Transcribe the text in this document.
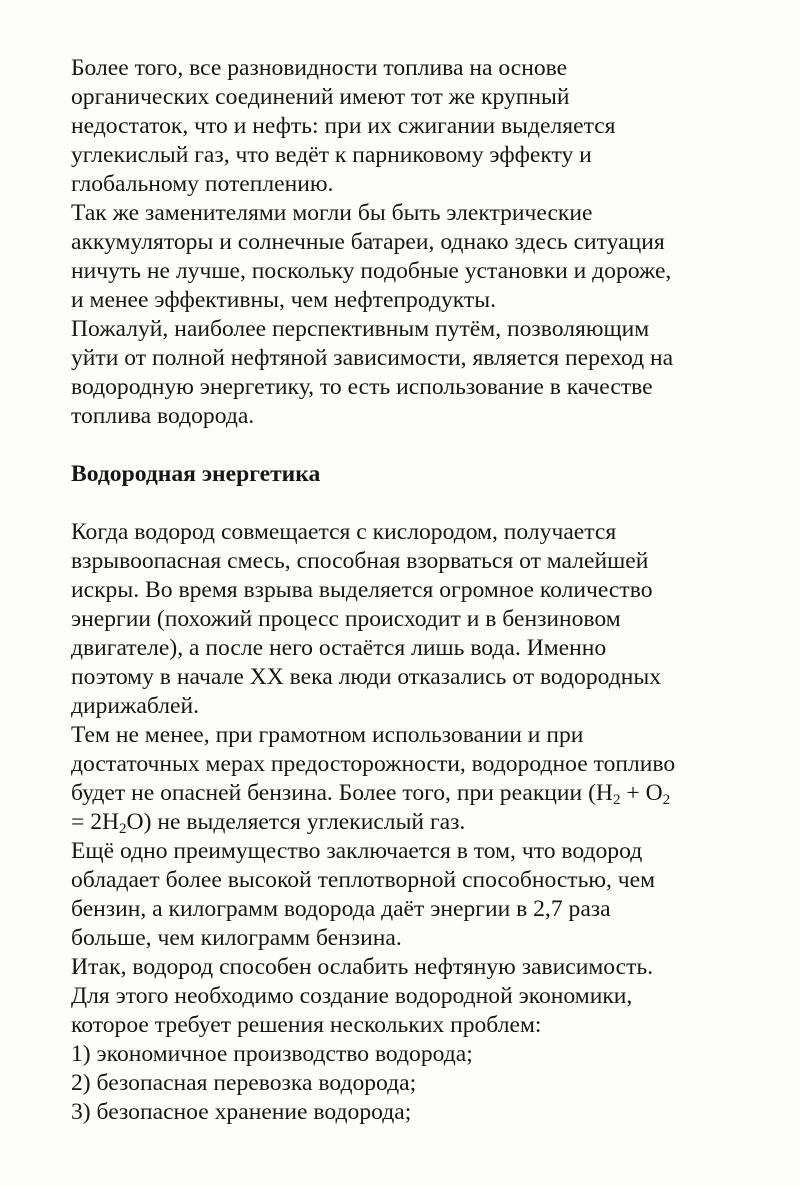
Более того, все разновидности топлива на основе
органических соединений имеют тот же крупный
недостаток, что и нефть: при их сжигании выделяется
углекислый газ, что ведёт к парниковому эффекту и
глобальному потеплению.
Так же заменителями могли бы быть электрические
аккумуляторы и солнечные батареи, однако здесь ситуация
ничуть не лучше, поскольку подобные установки и дороже,
и менее эффективны, чем нефтепродукты.
Пожалуй, наиболее перспективным путём, позволяющим
уйти от полной нефтяной зависимости, является переход на
водородную энергетику, то есть использование в качестве
топлива водорода.
Водородная энергетика
Когда водород совмещается с кислородом, получается
взрывоопасная смесь, способная взорваться от малейшей
искры. Во время взрыва выделяется огромное количество
энергии (похожий процесс происходит и в бензиновом
двигателе), а после него остаётся лишь вода. Именно
поэтому в начале XX века люди отказались от водородных
дирижаблей.
Тем не менее, при грамотном использовании и при
достаточных мерах предосторожности, водородное топливо
будет не опасней бензина. Более того, при реакции ($H_2 + O_2$
= $2H_2O$) не выделяется углекислый газ.
Ещё одно преимущество заключается в том, что водород
обладает более высокой теплотворной способностью, чем
бензин, а килограмм водорода даёт энергии в 2,7 раза
больше, чем килограмм бензина.
Итак, водород способен ослабить нефтяную зависимость.
Для этого необходимо создание водородной экономики,
которое требует решения нескольких проблем:
1) экономичное производство водорода;
2) безопасная перевозка водорода;
3) безопасное хранение водорода;
